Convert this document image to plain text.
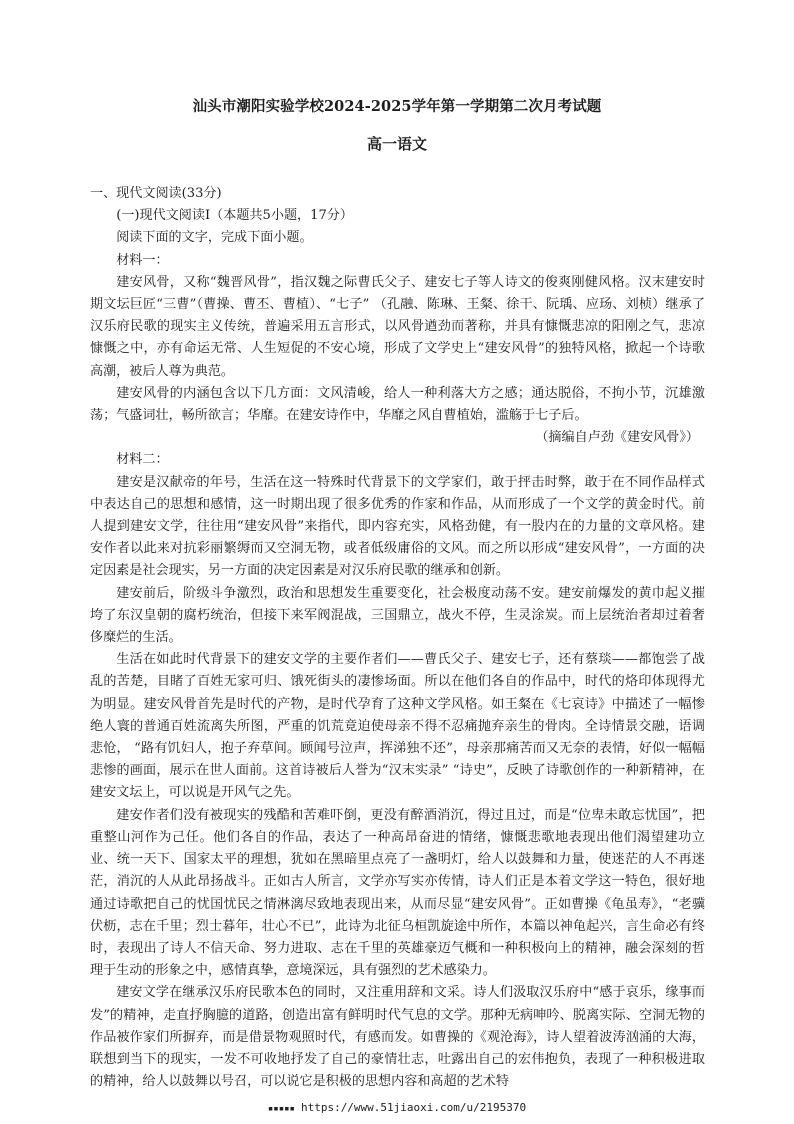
汕头市潮阳实验学校2024-2025学年第一学期第二次月考试题
高一语文

一、现代文阅读(33分)

(一)现代文阅读Ⅰ（本题共5小题，17分）

阅读下面的文字，完成下面小题。

材料一：

建安风骨，又称“魏晋风骨”，指汉魏之际曹氏父子、建安七子等人诗文的俊爽刚健风格。汉末建安时期文坛巨匠“三曹”（曹操、曹丕、曹植）、“七子” （孔融、陈琳、王粲、徐干、阮瑀、应玚、刘桢）继承了汉乐府民歌的现实主义传统，普遍采用五言形式，以风骨遒劲而著称，并具有慷慨悲凉的阳刚之气，悲凉慷慨之中，亦有命运无常、人生短促的不安心境，形成了文学史上“建安风骨”的独特风格，掀起一个诗歌高潮，被后人尊为典范。

建安风骨的内涵包含以下几方面：文风清峻，给人一种利落大方之感；通达脱俗，不拘小节，沉雄激荡；气盛词壮，畅所欲言；华靡。在建安诗作中，华靡之风自曹植始，滥觞于七子后。

（摘编自卢劲《建安风骨》）

材料二：

建安是汉献帝的年号，生活在这一特殊时代背景下的文学家们，敢于抨击时弊，敢于在不同作品样式中表达自己的思想和感情，这一时期出现了很多优秀的作家和作品，从而形成了一个文学的黄金时代。前人提到建安文学，往往用“建安风骨”来指代，即内容充实，风格劲健，有一股内在的力量的文章风格。建安作者以此来对抗彩丽繁缛而又空洞无物，或者低级庸俗的文风。而之所以形成“建安风骨”，一方面的决定因素是社会现实，另一方面的决定因素是对汉乐府民歌的继承和创新。

建安前后，阶级斗争激烈，政治和思想发生重要变化，社会极度动荡不安。建安前爆发的黄巾起义摧垮了东汉皇朝的腐朽统治，但接下来军阀混战，三国鼎立，战火不停，生灵涂炭。而上层统治者却过着奢侈糜烂的生活。

生活在如此时代背景下的建安文学的主要作者们——曹氏父子、建安七子，还有蔡琰——都饱尝了战乱的苦楚，目睹了百姓无家可归、饿死街头的凄惨场面。所以在他们各自的作品中，时代的烙印体现得尤为明显。建安风骨首先是时代的产物，是时代孕育了这种文学风格。如王粲在《七哀诗》中描述了一幅惨绝人寰的普通百姓流离失所图，严重的饥荒竟迫使母亲不得不忍痛抛弃亲生的骨肉。全诗情景交融，语调悲怆， “路有饥妇人，抱子弃草间。顾闻号泣声，挥涕独不还”，母亲那痛苦而又无奈的表情，好似一幅幅悲惨的画面，展示在世人面前。这首诗被后人誉为“汉末实录” “诗史”，反映了诗歌创作的一种新精神，在建安文坛上，可以说是开风气之先。

建安作者们没有被现实的残酷和苦难吓倒，更没有醉酒消沉，得过且过，而是“位卑未敢忘忧国”，把重整山河作为己任。他们各自的作品，表达了一种高昂奋进的情绪，慷慨悲歌地表现出他们渴望建功立业、统一天下、国家太平的理想，犹如在黑暗里点亮了一盏明灯，给人以鼓舞和力量，使迷茫的人不再迷茫，消沉的人从此昂扬战斗。正如古人所言，文学亦写实亦传情，诗人们正是本着文学这一特色，很好地通过诗歌把自己的忧国忧民之情淋漓尽致地表现出来，从而尽显“建安风骨”。正如曹操《龟虽寿》，“老骥伏枥，志在千里；烈士暮年，壮心不已”，此诗为北征乌桓凯旋途中所作，本篇以神龟起兴，言生命必有终时，表现出了诗人不信天命、努力进取、志在千里的英雄豪迈气概和一种积极向上的精神，融会深刻的哲理于生动的形象之中，感情真挚，意境深远，具有强烈的艺术感染力。

建安文学在继承汉乐府民歌本色的同时，又注重用辞和文采。诗人们汲取汉乐府中“感于哀乐，缘事而发”的精神，走直抒胸臆的道路，创造出富有鲜明时代气息的文学。那种无病呻吟、脱离实际、空洞无物的作品被作家们所摒弃，而是借景物观照时代，有感而发。如曹操的《观沧海》，诗人望着波涛汹涌的大海，联想到当下的现实，一发不可收地抒发了自己的豪情壮志，吐露出自己的宏伟抱负，表现了一种积极进取的精神，给人以鼓舞以号召，可以说它是积极的思想内容和高超的艺术特

▪▪▪▪▪ https://www.51jiaoxi.com/u/2195370
